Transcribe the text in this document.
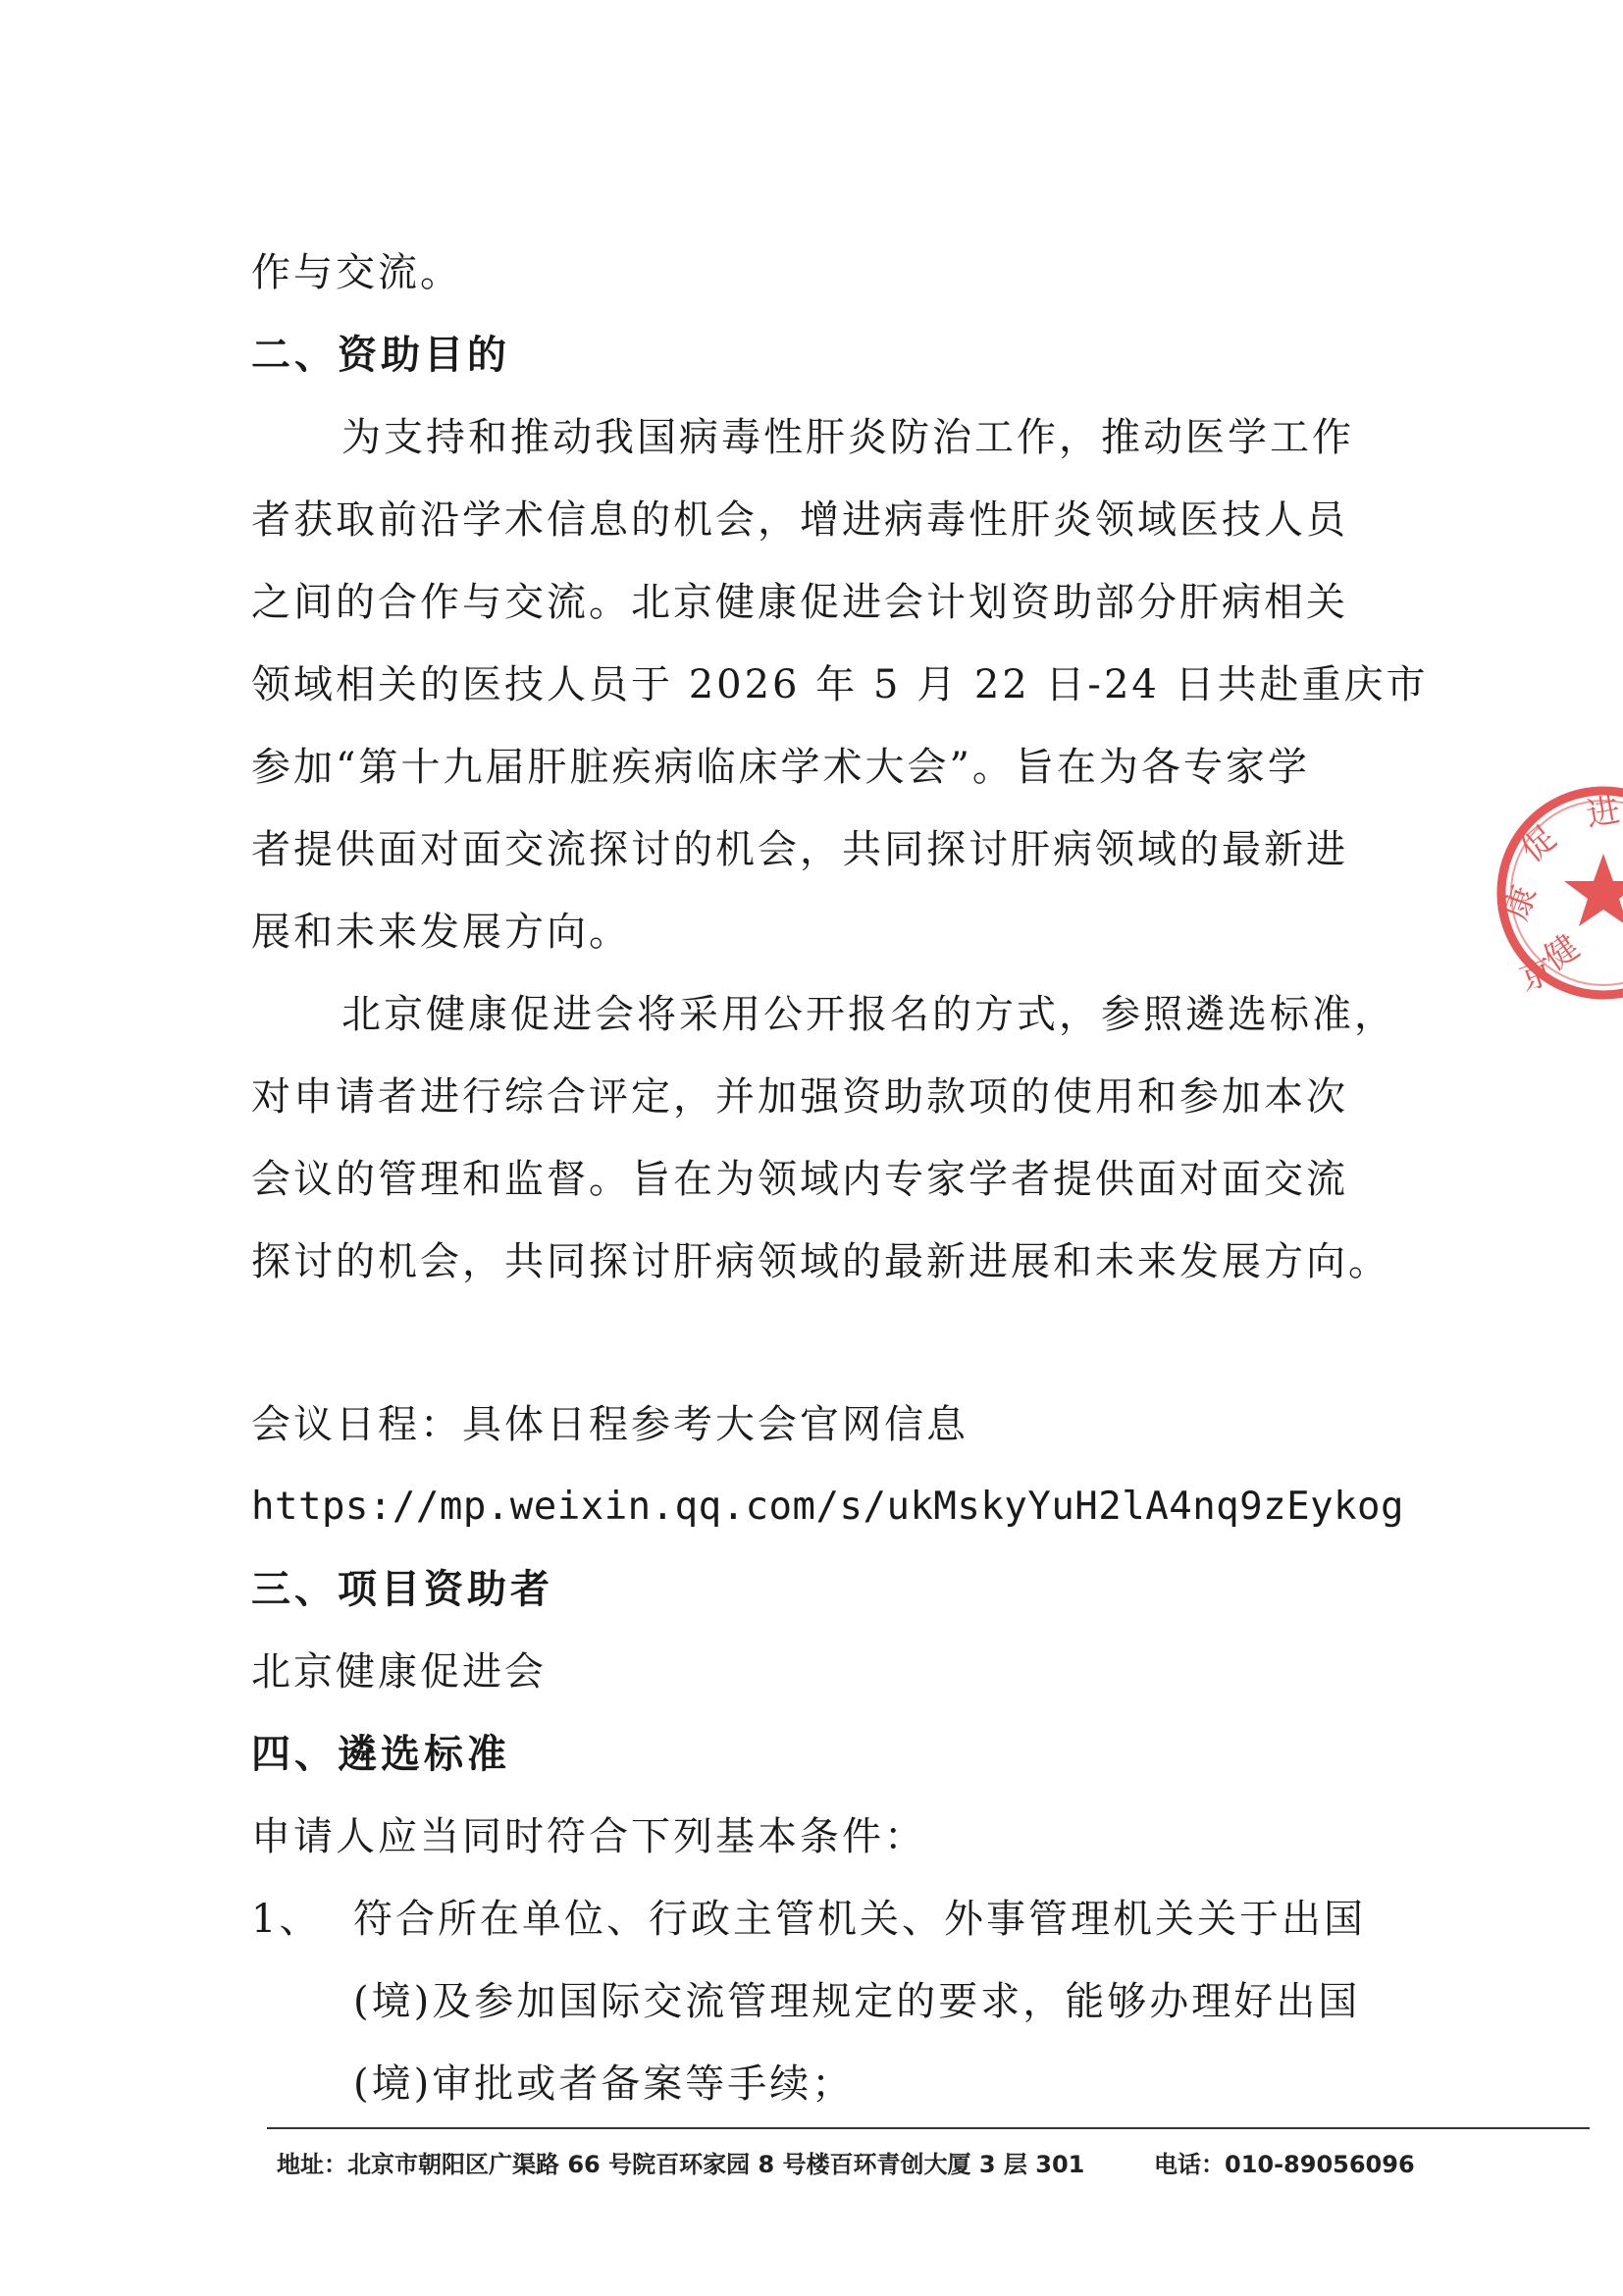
作与交流。
二、资助目的
为支持和推动我国病毒性肝炎防治工作，推动医学工作
者获取前沿学术信息的机会，增进病毒性肝炎领域医技人员
之间的合作与交流。北京健康促进会计划资助部分肝病相关
领域相关的医技人员于 2026 年 5 月 22 日-24 日共赴重庆市
参加“第十九届肝脏疾病临床学术大会”。旨在为各专家学
者提供面对面交流探讨的机会，共同探讨肝病领域的最新进
展和未来发展方向。
北京健康促进会将采用公开报名的方式，参照遴选标准，
对申请者进行综合评定，并加强资助款项的使用和参加本次
会议的管理和监督。旨在为领域内专家学者提供面对面交流
探讨的机会，共同探讨肝病领域的最新进展和未来发展方向。
会议日程：具体日程参考大会官网信息
https://mp.weixin.qq.com/s/ukMskyYuH2lA4nq9zEykog
三、项目资助者
北京健康促进会
四、遴选标准
申请人应当同时符合下列基本条件：
1、 符合所在单位、行政主管机关、外事管理机关关于出国
(境)及参加国际交流管理规定的要求，能够办理好出国
(境)审批或者备案等手续；
健
康
促
进
京
地址：北京市朝阳区广渠路 66 号院百环家园 8 号楼百环青创大厦 3 层 301	电话：010-89056096
